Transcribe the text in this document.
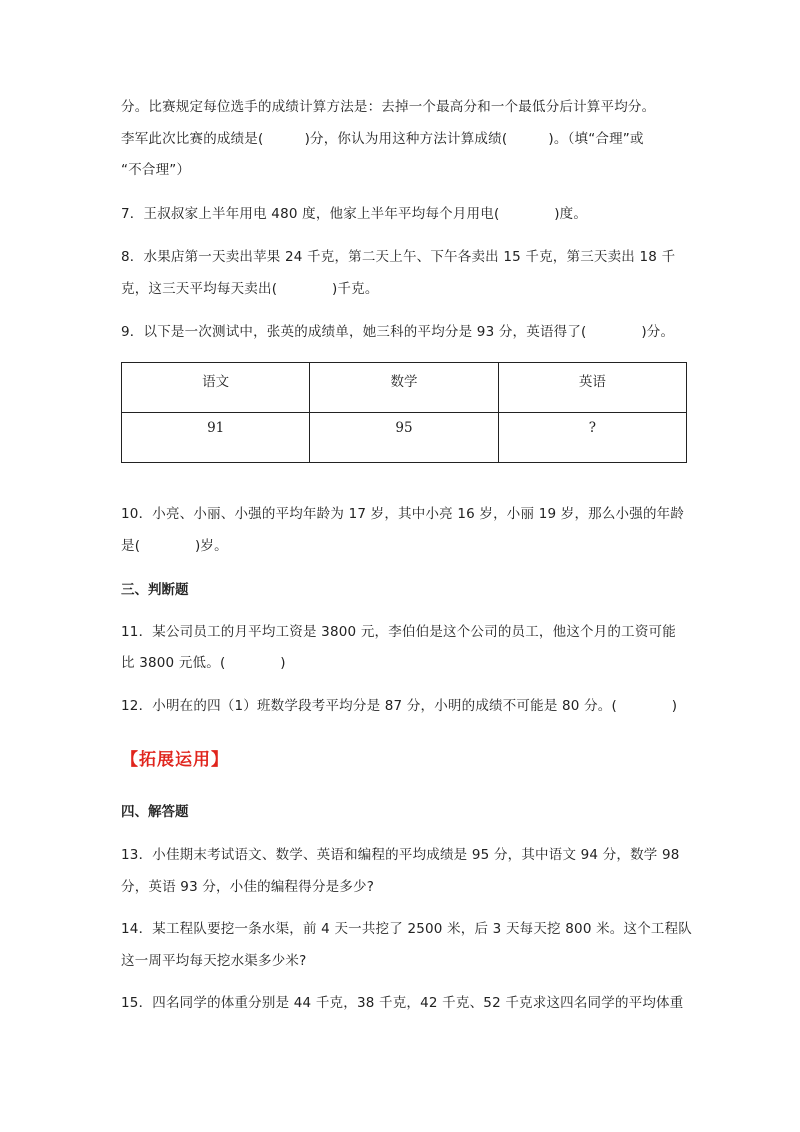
分。比赛规定每位选手的成绩计算方法是：去掉一个最高分和一个最低分后计算平均分。
李军此次比赛的成绩是(　　　)分，你认为用这种方法计算成绩(　　　)。（填“合理”或
“不合理”）
7．王叔叔家上半年用电 480 度，他家上半年平均每个月用电(　　　　)度。
8．水果店第一天卖出苹果 24 千克，第二天上午、下午各卖出 15 千克，第三天卖出 18 千
克，这三天平均每天卖出(　　　　)千克。
9．以下是一次测试中，张英的成绩单，她三科的平均分是 93 分，英语得了(　　　　)分。
语文	数学	英语
91	95	?
10．小亮、小丽、小强的平均年龄为 17 岁，其中小亮 16 岁，小丽 19 岁，那么小强的年龄
是(　　　　)岁。
三、判断题
11．某公司员工的月平均工资是 3800 元，李伯伯是这个公司的员工，他这个月的工资可能
比 3800 元低。(　　　　)
12．小明在的四（1）班数学段考平均分是 87 分，小明的成绩不可能是 80 分。(　　　　)
【拓展运用】
四、解答题
13．小佳期末考试语文、数学、英语和编程的平均成绩是 95 分，其中语文 94 分，数学 98
分，英语 93 分，小佳的编程得分是多少?
14．某工程队要挖一条水渠，前 4 天一共挖了 2500 米，后 3 天每天挖 800 米。这个工程队
这一周平均每天挖水渠多少米?
15．四名同学的体重分别是 44 千克，38 千克，42 千克、52 千克求这四名同学的平均体重
